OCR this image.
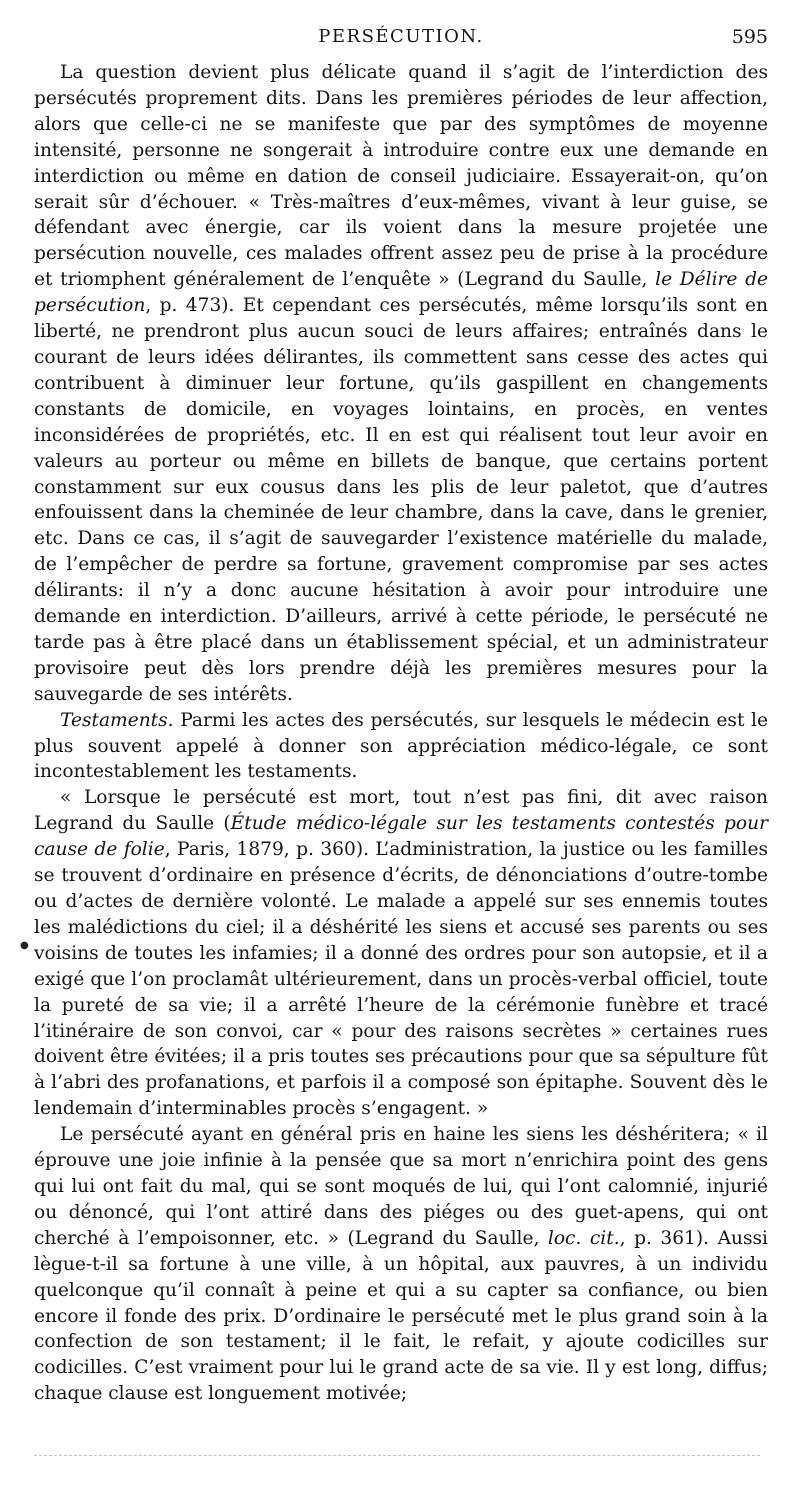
PERSÉCUTION.	595

La question devient plus délicate quand il s’agit de l’interdiction des persécutés proprement dits. Dans les premières périodes de leur affection, alors que celle-ci ne se manifeste que par des symptômes de moyenne intensité, personne ne songerait à introduire contre eux une demande en interdiction ou même en dation de conseil judiciaire. Essayerait-on, qu’on serait sûr d’échouer. « Très-maîtres d’eux-mêmes, vivant à leur guise, se défendant avec énergie, car ils voient dans la mesure projetée une persécution nouvelle, ces malades offrent assez peu de prise à la procédure et triomphent généralement de l’enquête » (Legrand du Saulle, le Délire de persécution, p. 473). Et cependant ces persécutés, même lorsqu’ils sont en liberté, ne prendront plus aucun souci de leurs affaires; entraînés dans le courant de leurs idées délirantes, ils commettent sans cesse des actes qui contribuent à diminuer leur fortune, qu’ils gaspillent en changements constants de domicile, en voyages lointains, en procès, en ventes inconsidérées de propriétés, etc. Il en est qui réalisent tout leur avoir en valeurs au porteur ou même en billets de banque, que certains portent constamment sur eux cousus dans les plis de leur paletot, que d’autres enfouissent dans la cheminée de leur chambre, dans la cave, dans le grenier, etc. Dans ce cas, il s’agit de sauvegarder l’existence matérielle du malade, de l’empêcher de perdre sa fortune, gravement compromise par ses actes délirants: il n’y a donc aucune hésitation à avoir pour introduire une demande en interdiction. D’ailleurs, arrivé à cette période, le persécuté ne tarde pas à être placé dans un établissement spécial, et un administrateur provisoire peut dès lors prendre déjà les premières mesures pour la sauvegarde de ses intérêts.

Testaments. Parmi les actes des persécutés, sur lesquels le médecin est le plus souvent appelé à donner son appréciation médico-légale, ce sont incontestablement les testaments.

« Lorsque le persécuté est mort, tout n’est pas fini, dit avec raison Legrand du Saulle (Étude médico-légale sur les testaments contestés pour cause de folie, Paris, 1879, p. 360). L’administration, la justice ou les familles se trouvent d’ordinaire en présence d’écrits, de dénonciations d’outre-tombe ou d’actes de dernière volonté. Le malade a appelé sur ses ennemis toutes les malédictions du ciel; il a déshérité les siens et accusé ses parents ou ses voisins de toutes les infamies; il a donné des ordres pour son autopsie, et il a exigé que l’on proclamât ultérieurement, dans un procès-verbal officiel, toute la pureté de sa vie; il a arrêté l’heure de la cérémonie funèbre et tracé l’itinéraire de son convoi, car « pour des raisons secrètes » certaines rues doivent être évitées; il a pris toutes ses précautions pour que sa sépulture fût à l’abri des profanations, et parfois il a composé son épitaphe. Souvent dès le lendemain d’interminables procès s’engagent. »

Le persécuté ayant en général pris en haine les siens les déshéritera; « il éprouve une joie infinie à la pensée que sa mort n’enrichira point des gens qui lui ont fait du mal, qui se sont moqués de lui, qui l’ont calomnié, injurié ou dénoncé, qui l’ont attiré dans des piéges ou des guet-apens, qui ont cherché à l’empoisonner, etc. » (Legrand du Saulle, loc. cit., p. 361). Aussi lègue-t-il sa fortune à une ville, à un hôpital, aux pauvres, à un individu quelconque qu’il connaît à peine et qui a su capter sa confiance, ou bien encore il fonde des prix. D’ordinaire le persécuté met le plus grand soin à la confection de son testament; il le fait, le refait, y ajoute codicilles sur codicilles. C’est vraiment pour lui le grand acte de sa vie. Il y est long, diffus; chaque clause est longuement motivée;

●
